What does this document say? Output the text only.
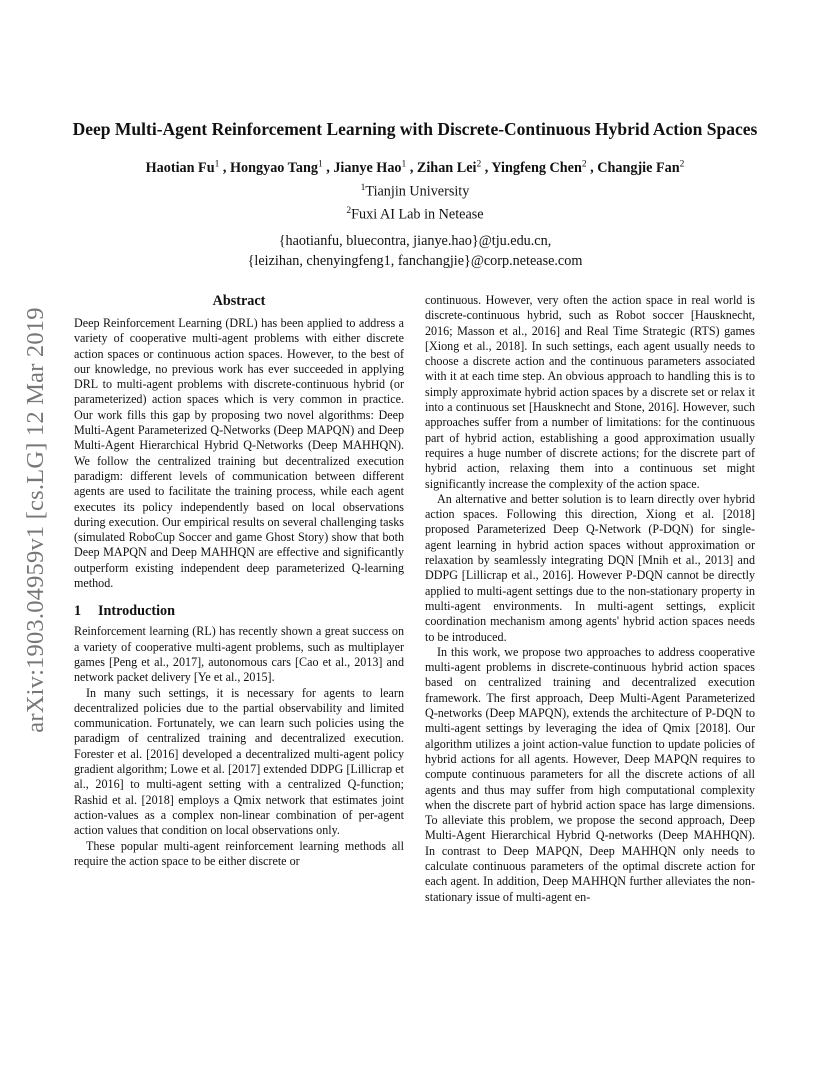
arXiv:1903.04959v1 [cs.LG] 12 Mar 2019
Deep Multi-Agent Reinforcement Learning with Discrete-Continuous Hybrid Action Spaces
Haotian Fu$^1$ , Hongyao Tang$^1$ , Jianye Hao$^1$ , Zihan Lei$^2$ , Yingfeng Chen$^2$ , Changjie Fan$^2$
$^1$Tianjin University
$^2$Fuxi AI Lab in Netease
{haotianfu, bluecontra, jianye.hao}@tju.edu.cn,
{leizihan, chenyingfeng1, fanchangjie}@corp.netease.com
Abstract

Deep Reinforcement Learning (DRL) has been applied to address a variety of cooperative multi-agent problems with either discrete action spaces or continuous action spaces. However, to the best of our knowledge, no previous work has ever succeeded in applying DRL to multi-agent problems with discrete-continuous hybrid (or parameterized) action spaces which is very common in practice. Our work fills this gap by proposing two novel algorithms: Deep Multi-Agent Parameterized Q-Networks (Deep MAPQN) and Deep Multi-Agent Hierarchical Hybrid Q-Networks (Deep MAHHQN). We follow the centralized training but decentralized execution paradigm: different levels of communication between different agents are used to facilitate the training process, while each agent executes its policy independently based on local observations during execution. Our empirical results on several challenging tasks (simulated RoboCup Soccer and game Ghost Story) show that both Deep MAPQN and Deep MAHHQN are effective and significantly outperform existing independent deep parameterized Q-learning method.

1 Introduction

Reinforcement learning (RL) has recently shown a great success on a variety of cooperative multi-agent problems, such as multiplayer games [Peng et al., 2017], autonomous cars [Cao et al., 2013] and network packet delivery [Ye et al., 2015].

In many such settings, it is necessary for agents to learn decentralized policies due to the partial observability and limited communication. Fortunately, we can learn such policies using the paradigm of centralized training and decentralized execution. Forester et al. [2016] developed a decentralized multi-agent policy gradient algorithm; Lowe et al. [2017] extended DDPG [Lillicrap et al., 2016] to multi-agent setting with a centralized Q-function; Rashid et al. [2018] employs a Qmix network that estimates joint action-values as a complex non-linear combination of per-agent action values that condition on local observations only.

These popular multi-agent reinforcement learning methods all require the action space to be either discrete or

continuous. However, very often the action space in real world is discrete-continuous hybrid, such as Robot soccer [Hausknecht, 2016; Masson et al., 2016] and Real Time Strategic (RTS) games [Xiong et al., 2018]. In such settings, each agent usually needs to choose a discrete action and the continuous parameters associated with it at each time step. An obvious approach to handling this is to simply approximate hybrid action spaces by a discrete set or relax it into a continuous set [Hausknecht and Stone, 2016]. However, such approaches suffer from a number of limitations: for the continuous part of hybrid action, establishing a good approximation usually requires a huge number of discrete actions; for the discrete part of hybrid action, relaxing them into a continuous set might significantly increase the complexity of the action space.

An alternative and better solution is to learn directly over hybrid action spaces. Following this direction, Xiong et al. [2018] proposed Parameterized Deep Q-Network (P-DQN) for single-agent learning in hybrid action spaces without approximation or relaxation by seamlessly integrating DQN [Mnih et al., 2013] and DDPG [Lillicrap et al., 2016]. However P-DQN cannot be directly applied to multi-agent settings due to the non-stationary property in multi-agent environments. In multi-agent settings, explicit coordination mechanism among agents' hybrid action spaces needs to be introduced.

In this work, we propose two approaches to address cooperative multi-agent problems in discrete-continuous hybrid action spaces based on centralized training and decentralized execution framework. The first approach, Deep Multi-Agent Parameterized Q-networks (Deep MAPQN), extends the architecture of P-DQN to multi-agent settings by leveraging the idea of Qmix [2018]. Our algorithm utilizes a joint action-value function to update policies of hybrid actions for all agents. However, Deep MAPQN requires to compute continuous parameters for all the discrete actions of all agents and thus may suffer from high computational complexity when the discrete part of hybrid action space has large dimensions. To alleviate this problem, we propose the second approach, Deep Multi-Agent Hierarchical Hybrid Q-networks (Deep MAHHQN). In contrast to Deep MAPQN, Deep MAHHQN only needs to calculate continuous parameters of the optimal discrete action for each agent. In addition, Deep MAHHQN further alleviates the non-stationary issue of multi-agent en-
